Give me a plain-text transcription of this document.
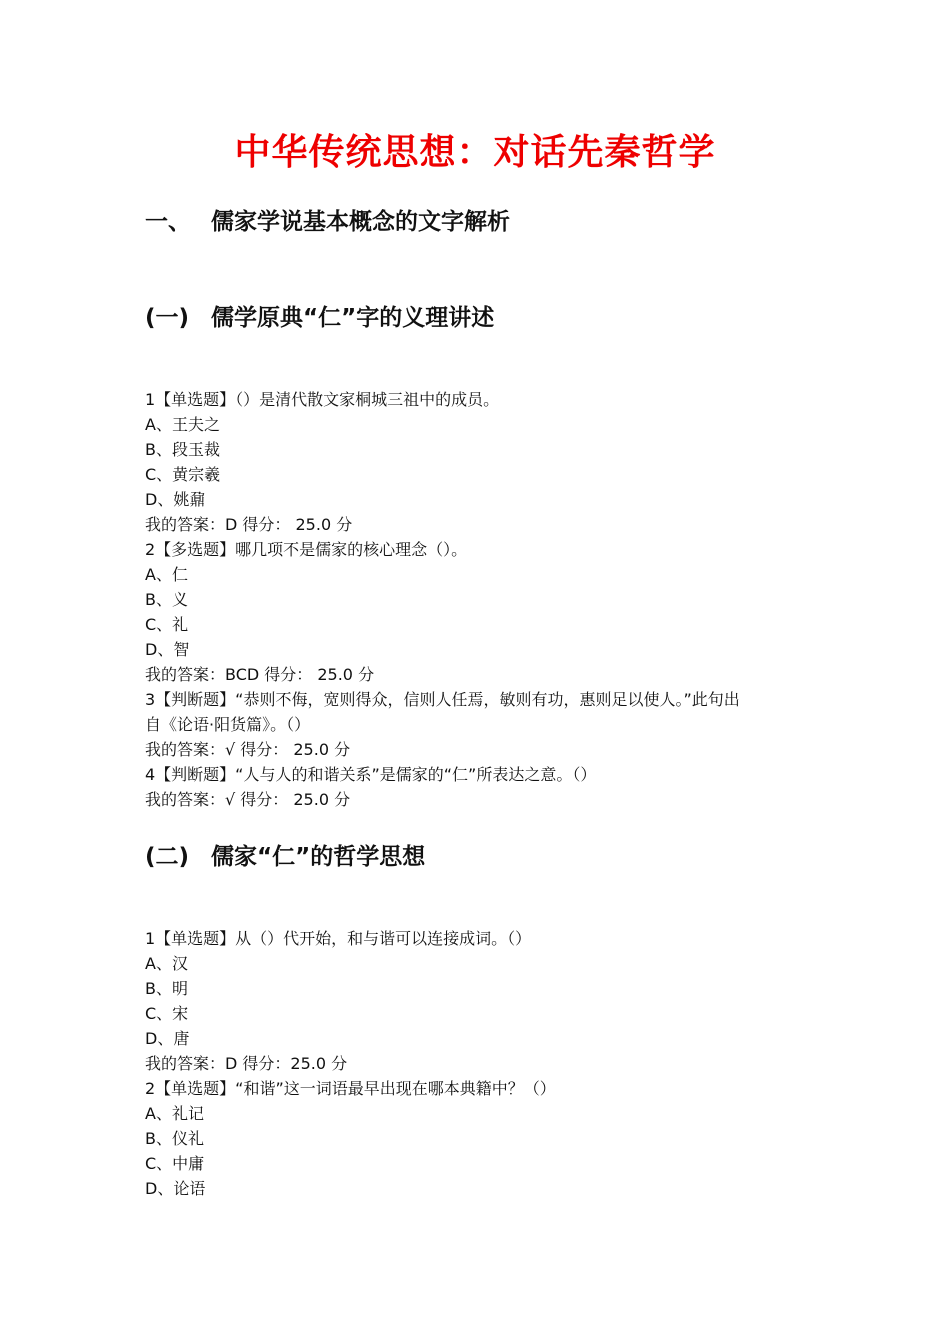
中华传统思想：对话先秦哲学
一、 儒家学说基本概念的文字解析
(一) 儒学原典“仁”字的义理讲述
1【单选题】（）是清代散文家桐城三祖中的成员。
A、王夫之
B、段玉裁
C、黄宗羲
D、姚鼐
我的答案：D 得分： 25.0 分
2【多选题】哪几项不是儒家的核心理念（）。
A、仁
B、义
C、礼
D、智
我的答案：BCD 得分： 25.0 分
3【判断题】“恭则不侮，宽则得众，信则人任焉，敏则有功，惠则足以使人。”此句出
自《论语·阳货篇》。（）
我的答案：√ 得分： 25.0 分
4【判断题】“人与人的和谐关系”是儒家的“仁”所表达之意。（）
我的答案：√ 得分： 25.0 分
(二) 儒家“仁”的哲学思想
1【单选题】从（）代开始，和与谐可以连接成词。（）
A、汉
B、明
C、宋
D、唐
我的答案：D 得分：25.0 分
2【单选题】“和谐”这一词语最早出现在哪本典籍中？（）
A、礼记
B、仪礼
C、中庸
D、论语
